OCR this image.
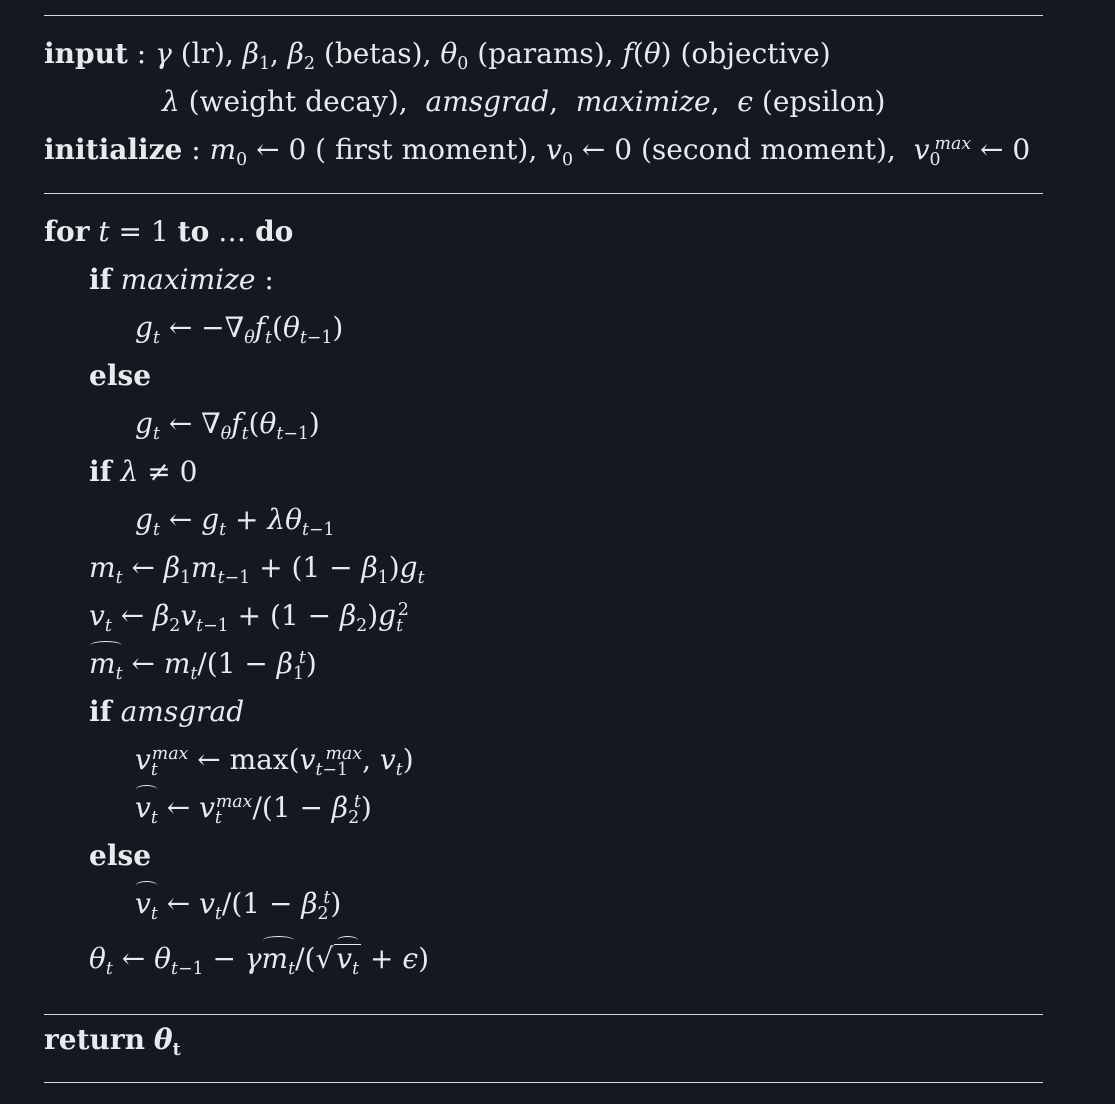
input : γ (lr), $\beta_1$, $\beta_2$ (betas), $\theta_0$ (params), f(θ) (objective)
λ (weight decay), amsgrad,  maximize,  ϵ (epsilon)
initialize : $m_0$ ← 0 ( first moment), $v_0$ ← 0 (second moment), $v_0^{max}$ ← 0
for t = 1 to … do
if maximize :
$g_t$ ← $-\nabla_\theta f_t(\theta_{t-1})$
else
$g_t$ ← $\nabla_\theta f_t(\theta_{t-1})$
if λ ≠ 0
$g_t$ ← $g_t + \lambda\theta_{t-1}$
$m_t$ ← $\beta_1m_{t-1} + (1 - \beta_1)g_t$
$v_t$ ← $\beta_2v_{t-1} + (1 - \beta_2)g_t^2$
$m_t$ ← $m_t/(1 - \beta_1^t)$
if amsgrad
$v_t^{max}$ ← $\max(v_{t-1}^{max}$, $v_t$)
$v_t$ ← $v_t^{max}/(1 - \beta_2^t)$
else
$v_t$ ← $v_t/(1 - \beta_2^t)$
$\theta_t$ ← $\theta_{t-1} - \gamma m_t/(√$ $v_t + \epsilon$)
return $\theta_t$
